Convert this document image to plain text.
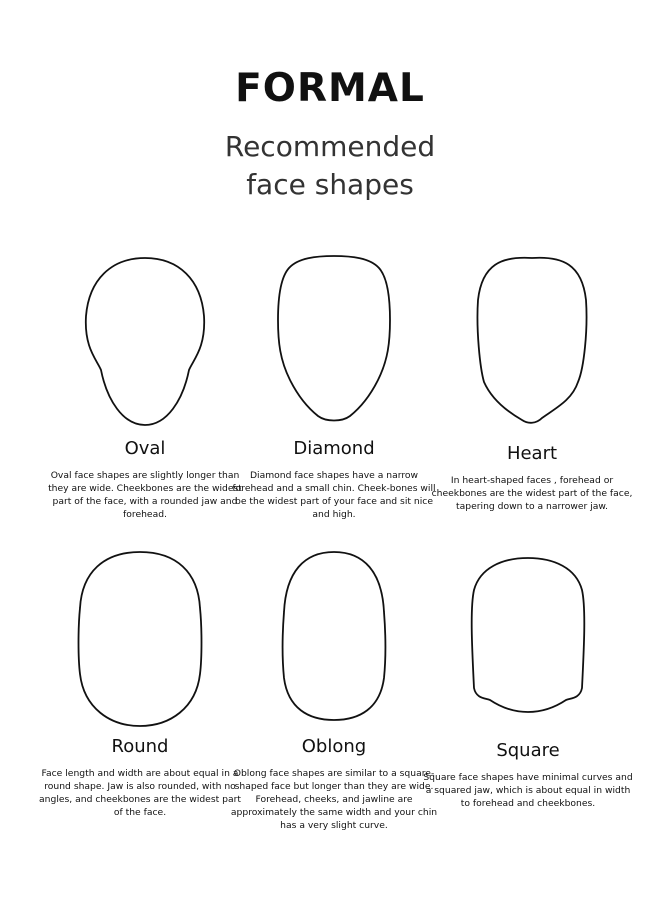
FORMAL
Recommended
face shapes

Oval

Oval face shapes are slightly longer than they are wide. Cheekbones are the widest part of the face, with a rounded jaw and forehead.

Diamond

Diamond face shapes have a narrow forehead and a small chin. Cheek-bones will be the widest part of your face and sit nice and high.

Heart

In heart-shaped faces , forehead or cheekbones are the widest part of the face, tapering down to a narrower jaw.

Round

Face length and width are about equal in a round shape. Jaw is also rounded, with no angles, and cheekbones are the widest part of the face.

Oblong

Oblong face shapes are similar to a square-shaped face but longer than they are wide. Forehead, cheeks, and jawline are approximately the same width and your chin has a very slight curve.

Square

Square face shapes have minimal curves and a squared jaw, which is about equal in width to forehead and cheekbones.
